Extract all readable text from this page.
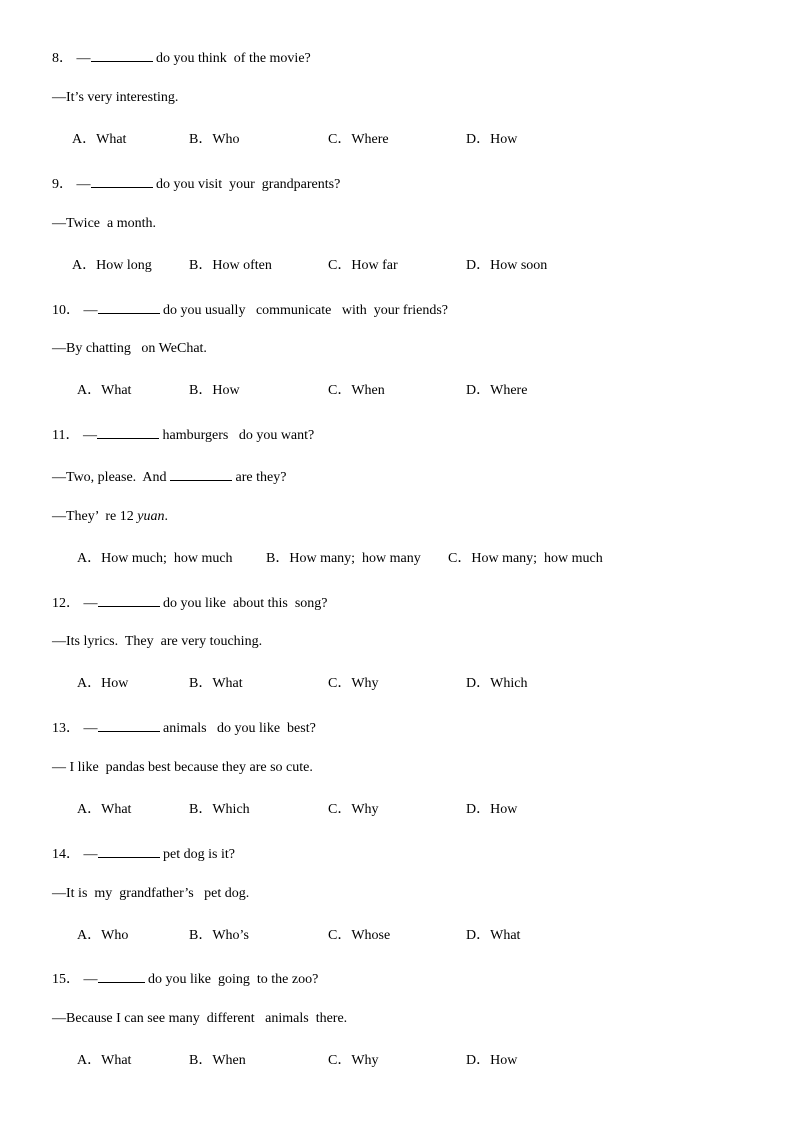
8． —	do you think  of the movie?
—It’s very interesting.
A．What	B．Who	C．Where	D．How
9． —	do you visit  your  grandparents?
—Twice  a month.
A．How long	B．How often	C．How far	D．How soon
10． —	do you usually   communicate   with  your friends?
—By chatting   on WeChat.
A．What	B．How	C．When	D．Where
11． —	hamburgers   do you want?
—Two, please.  And	are they?
—They’  re 12 yuan.
A．How much;  how much B．How many;  how many C．How many;  how much
12． —	do you like  about this  song?
—Its lyrics.  They  are very touching.
A．How	B．What	C．Why	D．Which
13． —	animals   do you like  best?
— I like  pandas best because they are so cute.
A．What	B．Which	C．Why	D．How
14． —	pet dog is it?
—It is  my  grandfather’s   pet dog.
A．Who	B．Who’s	C．Whose	D．What
15． —	do you like  going  to the zoo?
—Because I can see many  different   animals  there.
A．What	B．When	C．Why	D．How
